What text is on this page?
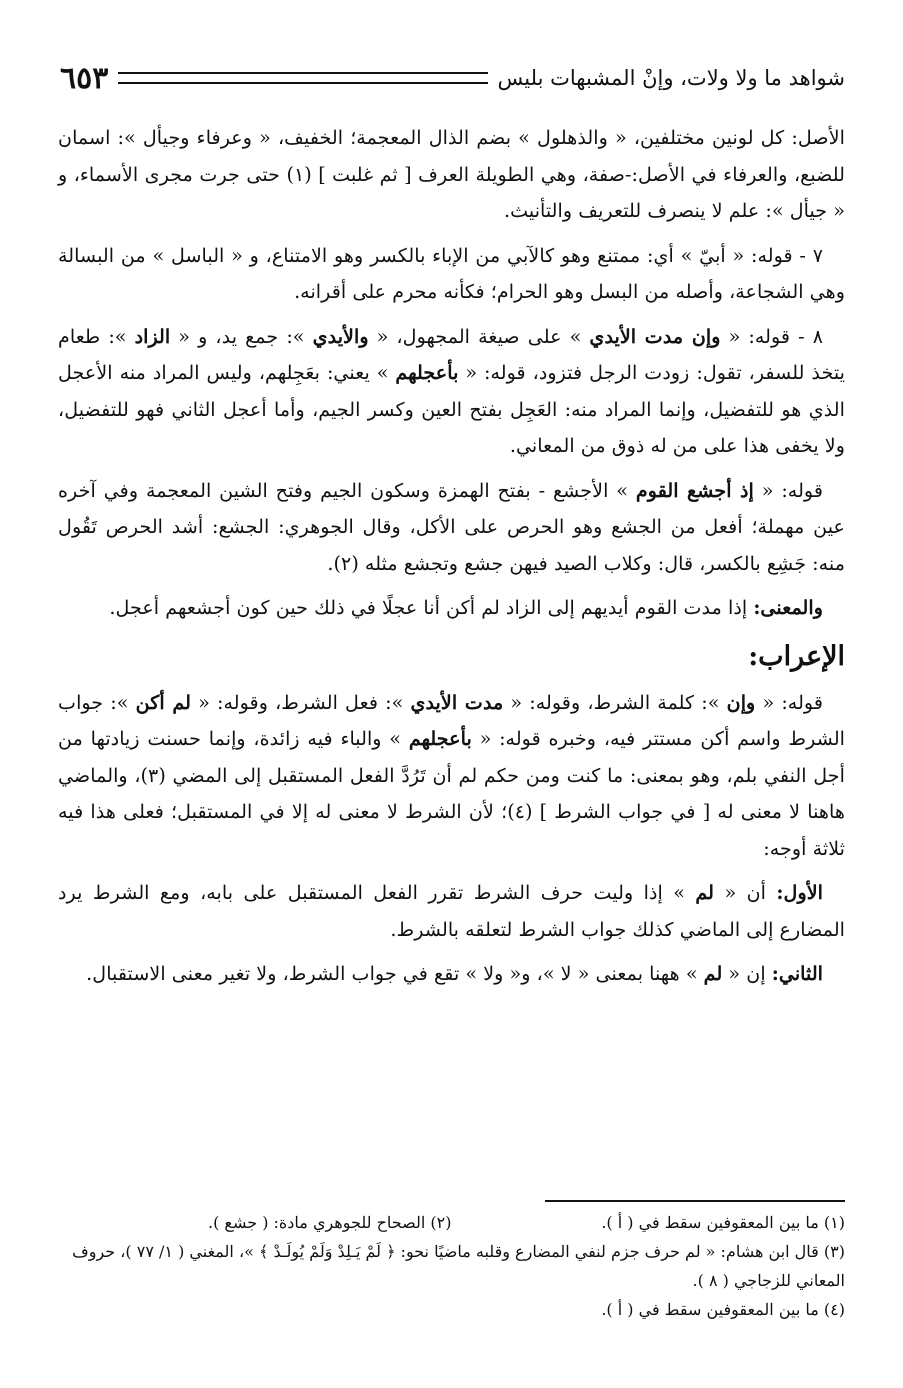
شواهد ما ولا ولات، وإنْ المشبهات بليس
٦٥٣

الأصل: كل لونين مختلفين، « والذهلول » بضم الذال المعجمة؛ الخفيف، « وعرفاء وجيأل »: اسمان للضبع، والعرفاء في الأصل:-صفة، وهي الطويلة العرف [ ثم غلبت ] (١) حتى جرت مجرى الأسماء، و « جيأل »: علم لا ينصرف للتعريف والتأنيث.

٧ - قوله: « أبيّ » أي: ممتنع وهو كالآبي من الإباء بالكسر وهو الامتناع، و « الباسل » من البسالة وهي الشجاعة، وأصله من البسل وهو الحرام؛ فكأنه محرم على أقرانه.

٨ - قوله: « وإن مدت الأيدي » على صيغة المجهول، « والأيدي »: جمع يد، و « الزاد »: طعام يتخذ للسفر، تقول: زودت الرجل فتزود، قوله: « بأعجلهم » يعني: بعَجِلهم، وليس المراد منه الأعجل الذي هو للتفضيل، وإنما المراد منه: العَجِل بفتح العين وكسر الجيم، وأما أعجل الثاني فهو للتفضيل، ولا يخفى هذا على من له ذوق من المعاني.

قوله: « إذ أجشع القوم » الأجشع - بفتح الهمزة وسكون الجيم وفتح الشين المعجمة وفي آخره عين مهملة؛ أفعل من الجشع وهو الحرص على الأكل، وقال الجوهري: الجشع: أشد الحرص تَقُول منه: جَشِع بالكسر، قال: وكلاب الصيد فيهن جشع وتجشع مثله (٢).

والمعنى: إذا مدت القوم أيديهم إلى الزاد لم أكن أنا عجلًا في ذلك حين كون أجشعهم أعجل.

الإعراب:

قوله: « وإن »: كلمة الشرط، وقوله: « مدت الأيدي »: فعل الشرط، وقوله: « لم أكن »: جواب الشرط واسم أكن مستتر فيه، وخبره قوله: « بأعجلهم » والباء فيه زائدة، وإنما حسنت زيادتها من أجل النفي بلم، وهو بمعنى: ما كنت ومن حكم لم أن تَرُدَّ الفعل المستقبل إلى المضي (٣)، والماضي هاهنا لا معنى له [ في جواب الشرط ] (٤)؛ لأن الشرط لا معنى له إلا في المستقبل؛ فعلى هذا فيه ثلاثة أوجه:

الأول: أن « لم » إذا وليت حرف الشرط تقرر الفعل المستقبل على بابه، ومع الشرط يرد المضارع إلى الماضي كذلك جواب الشرط لتعلقه بالشرط.

الثاني: إن « لم » ههنا بمعنى « لا »، و« ولا » تقع في جواب الشرط، ولا تغير معنى الاستقبال.

(١) ما بين المعقوفين سقط في ( أ ).
(٢) الصحاح للجوهري مادة: ( جشع ).

(٣) قال ابن هشام: « لم حرف جزم لنفي المضارع وقلبه ماضيًا نحو: ﴿ لَمْ يَـلِدْ وَلَمْ يُولَـدْ ﴾ »، المغني ( ١/ ٧٧ )، حروف المعاني للزجاجي ( ٨ ).

(٤) ما بين المعقوفين سقط في ( أ ).
